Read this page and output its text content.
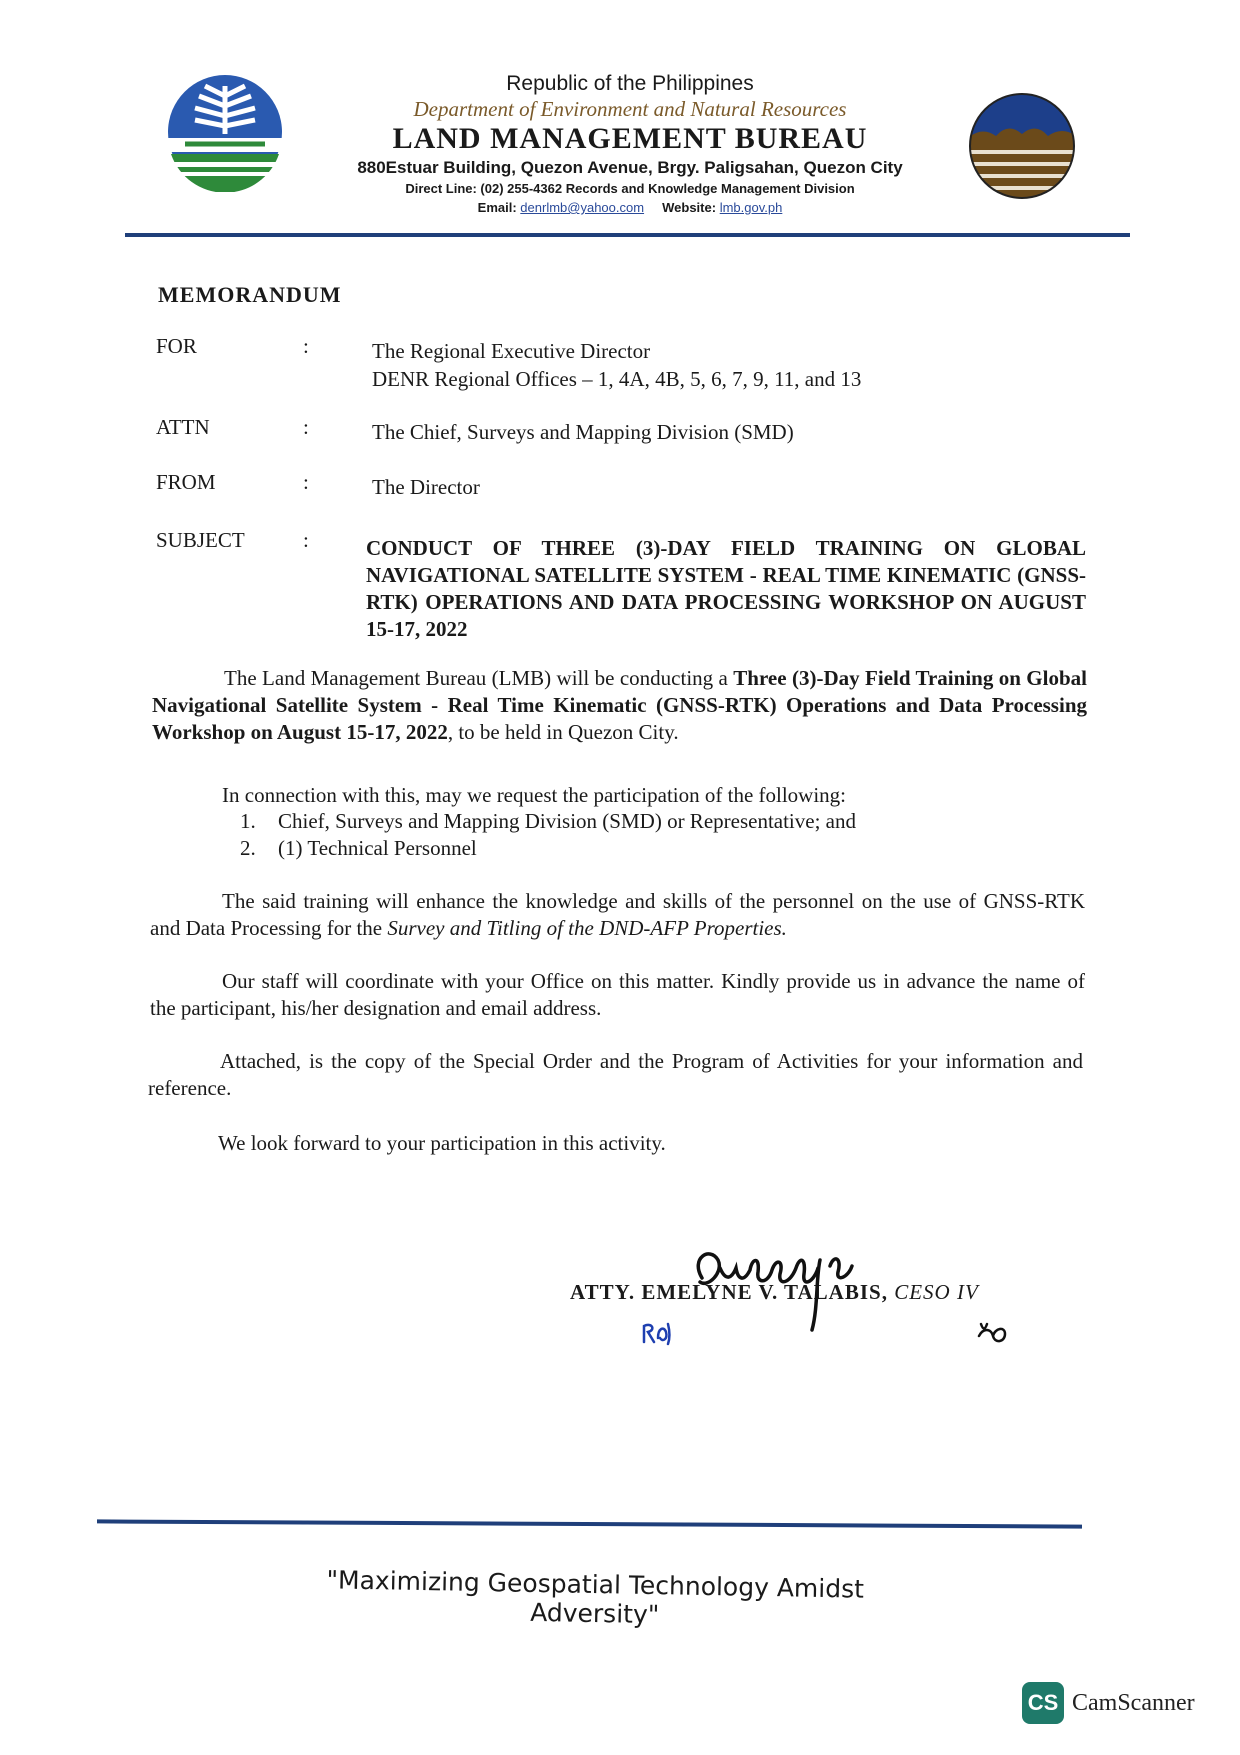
Republic of the Philippines
Department of Environment and Natural Resources
LAND MANAGEMENT BUREAU
880Estuar Building, Quezon Avenue, Brgy. Paligsahan, Quezon City
Direct Line: (02) 255-4362 Records and Knowledge Management Division
Email: denrlmb@yahoo.com Website: lmb.gov.ph
MEMORANDUM
FOR	:	The Regional Executive Director
DENR Regional Offices – 1, 4A, 4B, 5, 6, 7, 9, 11, and 13
ATTN	:	The Chief, Surveys and Mapping Division (SMD)
FROM	:	The Director
SUBJECT	:	CONDUCT OF THREE (3)-DAY FIELD TRAINING ON GLOBAL NAVIGATIONAL SATELLITE SYSTEM - REAL TIME KINEMATIC (GNSS-RTK) OPERATIONS AND DATA PROCESSING WORKSHOP ON AUGUST 15-17, 2022
The Land Management Bureau (LMB) will be conducting a Three (3)-Day Field Training on Global Navigational Satellite System - Real Time Kinematic (GNSS-RTK) Operations and Data Processing Workshop on August 15-17, 2022, to be held in Quezon City.
In connection with this, may we request the participation of the following:
1. Chief, Surveys and Mapping Division (SMD) or Representative; and
2. (1) Technical Personnel
The said training will enhance the knowledge and skills of the personnel on the use of GNSS-RTK and Data Processing for the Survey and Titling of the DND-AFP Properties.
Our staff will coordinate with your Office on this matter. Kindly provide us in advance the name of the participant, his/her designation and email address.
Attached, is the copy of the Special Order and the Program of Activities for your information and reference.
We look forward to your participation in this activity.
ATTY. EMELYNE V. TALABIS, CESO IV
"Maximizing Geospatial Technology Amidst Adversity"
CS CamScanner
